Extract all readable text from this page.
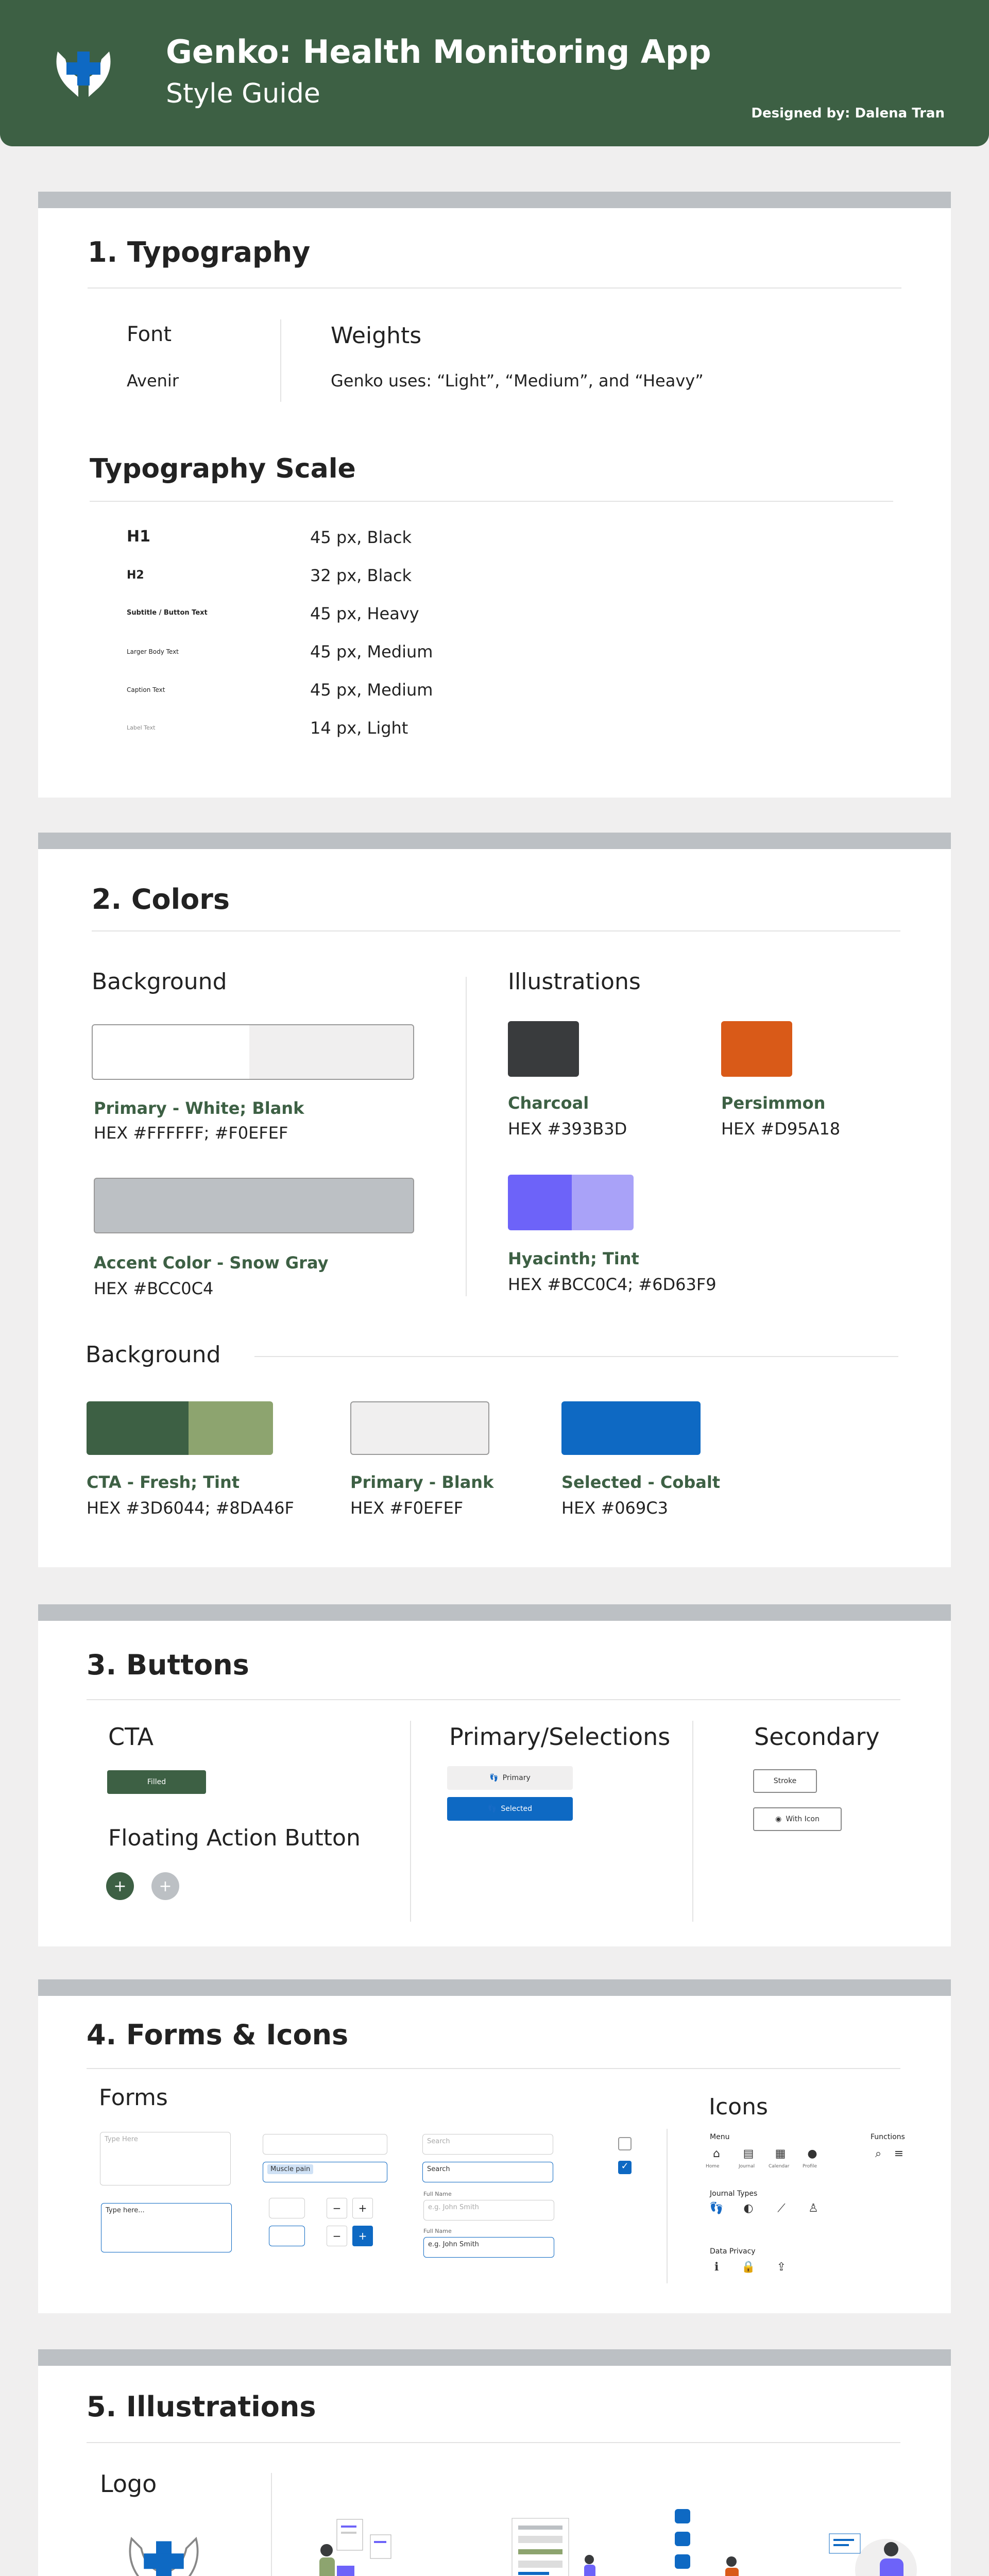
Genko: Health Monitoring App
Style Guide
Designed by: Dalena Tran
1. Typography
Font
Avenir
Weights
Genko uses: “Light”, “Medium”, and “Heavy”
Typography Scale
H1	45 px, Black
H2	32 px, Black
Subtitle / Button Text	45 px, Heavy
Larger Body Text	45 px, Medium
Caption Text	45 px, Medium
Label Text	14 px, Light
2. Colors
Background
Primary - White; Blank
HEX #FFFFFF; #F0EFEF
Accent Color - Snow Gray
HEX #BCC0C4
Illustrations
Charcoal
HEX #393B3D
Persimmon
HEX #D95A18
Hyacinth; Tint
HEX #BCC0C4; #6D63F9
Background
CTA - Fresh; Tint
HEX #3D6044; #8DA46F
Primary - Blank
HEX #F0EFEF
Selected - Cobalt
HEX #069C3
3. Buttons
CTA
Filled
Floating Action Button
+	+
Primary/Selections
👣 Primary
👣 Selected
Secondary
Stroke
◉ With Icon
4. Forms & Icons
Forms
Type Here
Type here...
Muscle pain
−	+
−	+
Search
Search
Full Name
e.g. John Smith
Full Name
e.g. John Smith
✓
Icons
Menu
⌂	▤	▦	●
Home	Journal	Calendar	Profile
Functions
⌕	≡
Journal Types
👣 ◐	⟋	♙
Data Privacy
ℹ	🔒 ⇪
5. Illustrations
Logo
